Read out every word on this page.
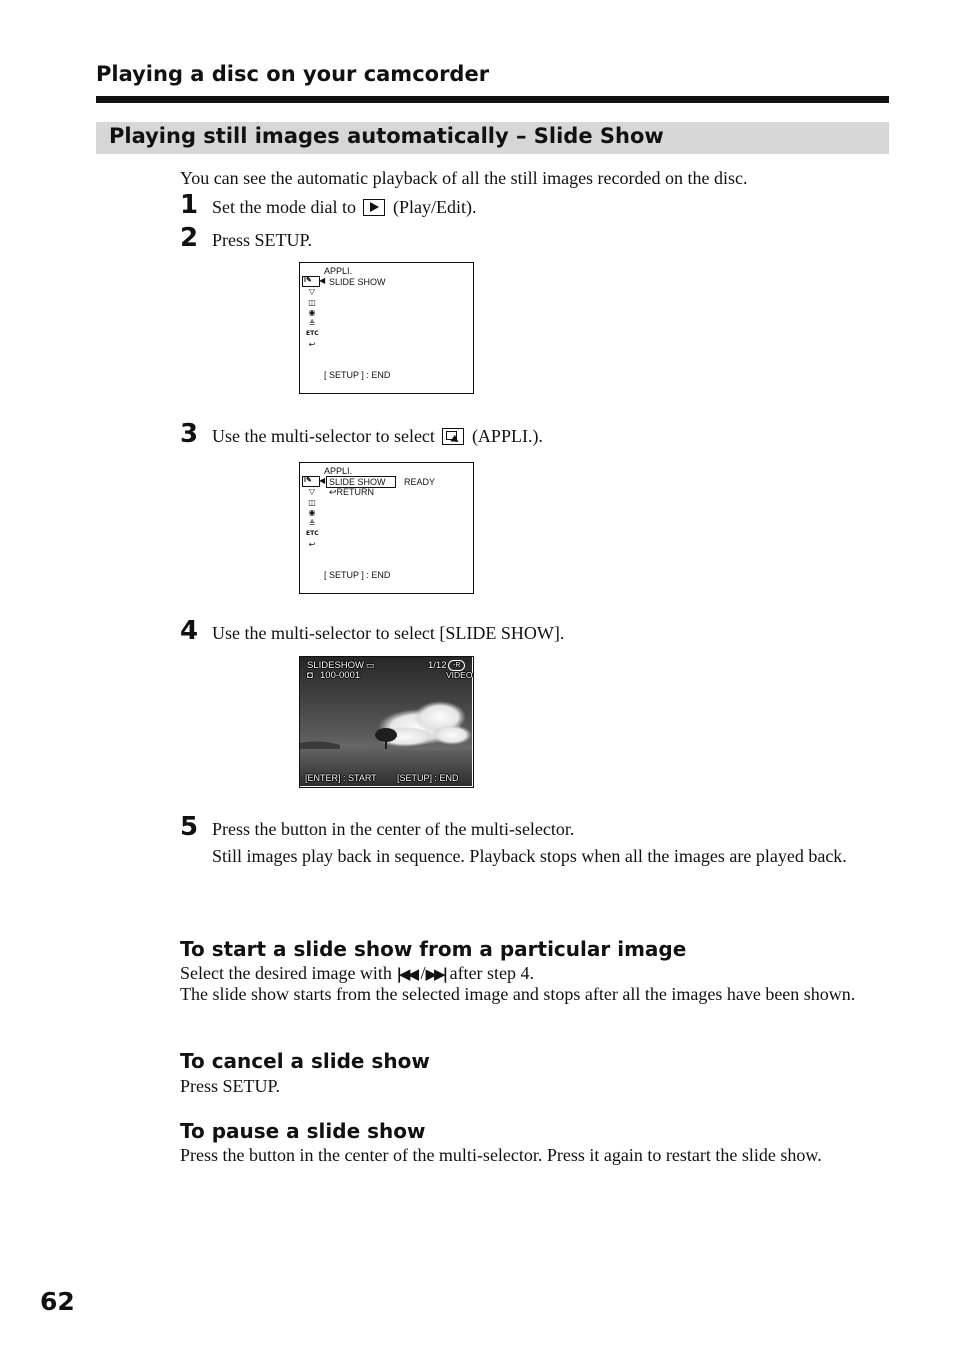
Playing a disc on your camcorder
Playing still images automatically – Slide Show
You can see the automatic playback of all the still images recorded on the disc.
1 Set the mode dial to (Play/Edit).
2 Press SETUP.
APPLI.
I✎ ◀ SLIDE SHOW
▽
◫
◉
≜
ETC
↩
[ SETUP ] : END
3 Use the multi-selector to select (APPLI.).
APPLI.
I✎ ◀ SLIDE SHOW READY
↩RETURN
▽
◫
◉
≜
ETC
↩
[ SETUP ] : END
4 Use the multi-selector to select [SLIDE SHOW].
SLIDESHOW ▭	1/12 -R
◘ 100-0001	VIDEO
[ENTER] : START [SETUP] : END
5 Press the button in the center of the multi-selector.
Still images play back in sequence. Playback stops when all the images are played back.
To start a slide show from a particular image
Select the desired image with |◀◀ /▶▶| after step 4.
The slide show starts from the selected image and stops after all the images have been shown.
To cancel a slide show
Press SETUP.
To pause a slide show
Press the button in the center of the multi-selector. Press it again to restart the slide show.
62
